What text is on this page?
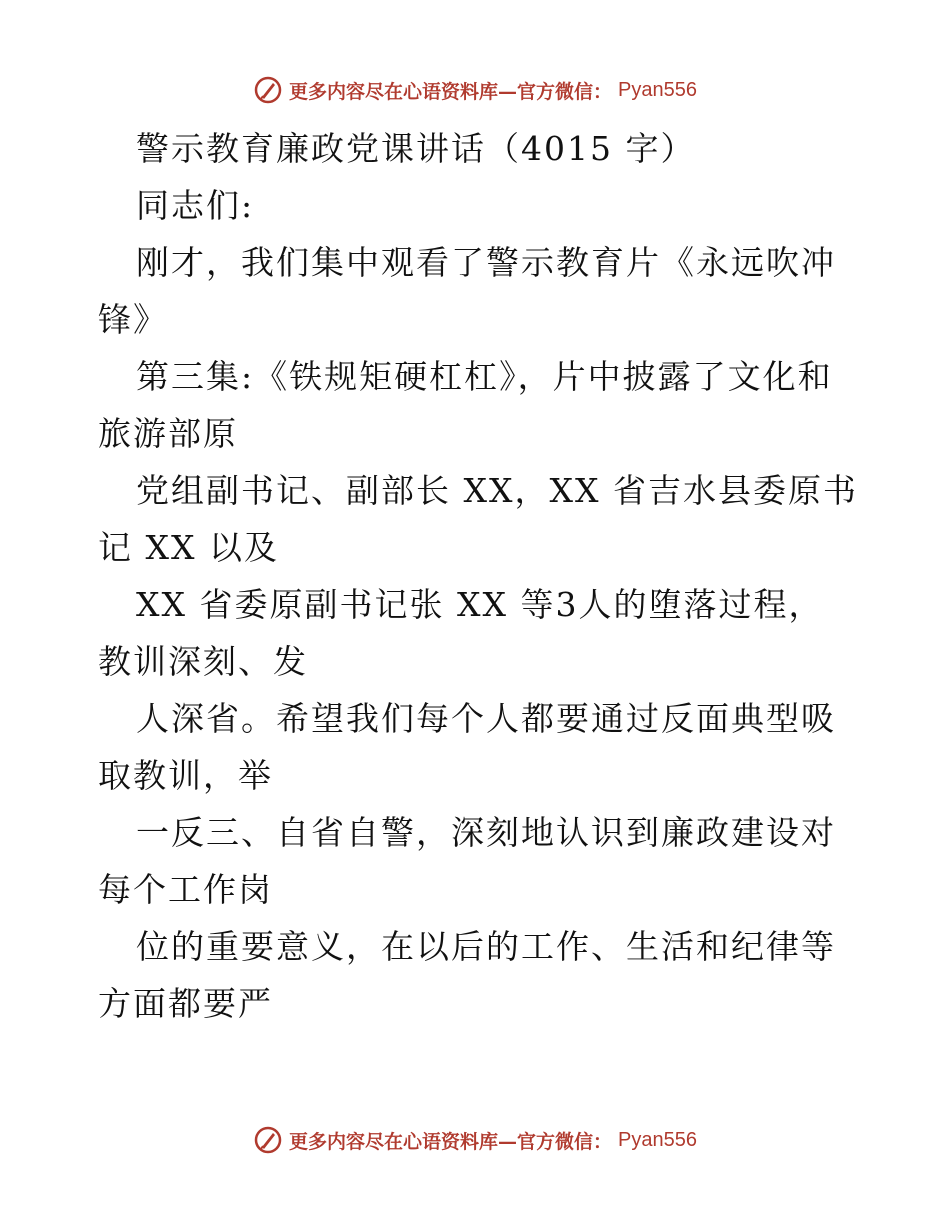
更多内容尽在心语资料库—官方微信： Pyan556

警示教育廉政党课讲话（4015 字）

同志们:

刚才，我们集中观看了警示教育片《永远吹冲锋》

第三集:《铁规矩硬杠杠》，片中披露了文化和旅游部原

党组副书记、副部长 XX，XX 省吉水县委原书记 XX 以及

XX 省委原副书记张 XX 等3人的堕落过程，教训深刻、发

人深省。希望我们每个人都要通过反面典型吸取教训，举

一反三、自省自警，深刻地认识到廉政建设对每个工作岗

位的重要意义，在以后的工作、生活和纪律等方面都要严

更多内容尽在心语资料库—官方微信： Pyan556
